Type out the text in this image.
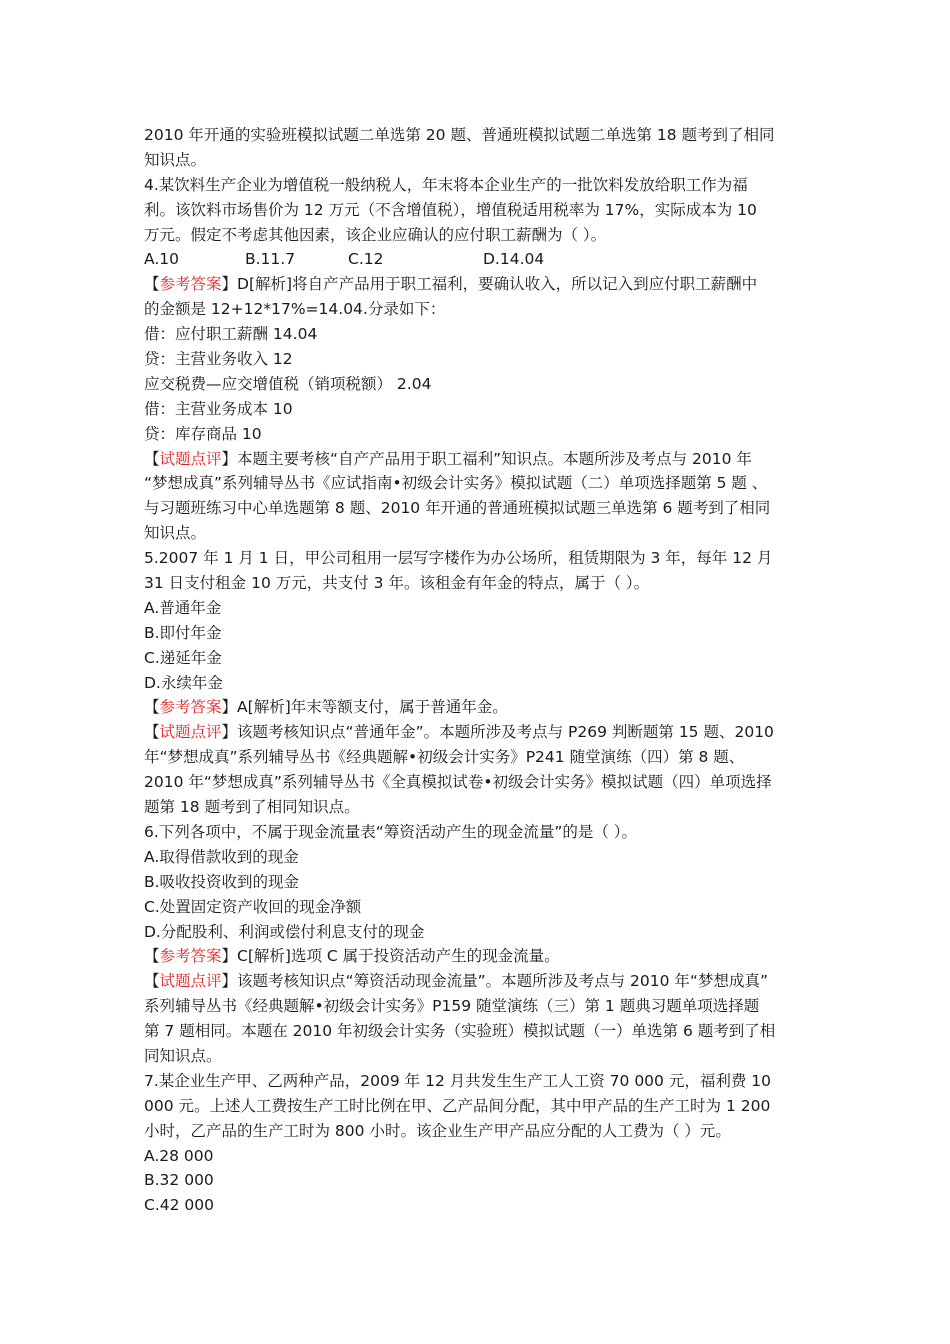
2010 年开通的实验班模拟试题二单选第 20 题、普通班模拟试题二单选第 18 题考到了相同
知识点。
4.某饮料生产企业为增值税一般纳税人，年末将本企业生产的一批饮料发放给职工作为福
利。该饮料市场售价为 12 万元（不含增值税），增值税适用税率为 17%，实际成本为 10
万元。假定不考虑其他因素，该企业应确认的应付职工薪酬为（ ）。
A.10	B.11.7	C.12	D.14.04
【参考答案】D[解析]将自产产品用于职工福利，要确认收入，所以记入到应付职工薪酬中
的金额是 12+12*17%=14.04.分录如下：
借：应付职工薪酬 14.04
贷：主营业务收入 12
应交税费—应交增值税（销项税额） 2.04
借：主营业务成本 10
贷：库存商品 10
【试题点评】本题主要考核“自产产品用于职工福利”知识点。本题所涉及考点与 2010 年
“梦想成真”系列辅导丛书《应试指南•初级会计实务》模拟试题（二）单项选择题第 5 题 、
与习题班练习中心单选题第 8 题、2010 年开通的普通班模拟试题三单选第 6 题考到了相同
知识点。
5.2007 年 1 月 1 日，甲公司租用一层写字楼作为办公场所，租赁期限为 3 年，每年 12 月
31 日支付租金 10 万元，共支付 3 年。该租金有年金的特点，属于（ ）。
A.普通年金
B.即付年金
C.递延年金
D.永续年金
【参考答案】A[解析]年末等额支付，属于普通年金。
【试题点评】该题考核知识点“普通年金”。本题所涉及考点与 P269 判断题第 15 题、2010
年“梦想成真”系列辅导丛书《经典题解•初级会计实务》P241 随堂演练（四）第 8 题、
2010 年“梦想成真”系列辅导丛书《全真模拟试卷•初级会计实务》模拟试题（四）单项选择
题第 18 题考到了相同知识点。
6.下列各项中，不属于现金流量表“筹资活动产生的现金流量”的是（ ）。
A.取得借款收到的现金
B.吸收投资收到的现金
C.处置固定资产收回的现金净额
D.分配股利、利润或偿付利息支付的现金
【参考答案】C[解析]选项 C 属于投资活动产生的现金流量。
【试题点评】该题考核知识点“筹资活动现金流量”。本题所涉及考点与 2010 年“梦想成真”
系列辅导丛书《经典题解•初级会计实务》P159 随堂演练（三）第 1 题典习题单项选择题
第 7 题相同。本题在 2010 年初级会计实务（实验班）模拟试题（一）单选第 6 题考到了相
同知识点。
7.某企业生产甲、乙两种产品，2009 年 12 月共发生生产工人工资 70 000 元，福利费 10
000 元。上述人工费按生产工时比例在甲、乙产品间分配，其中甲产品的生产工时为 1 200
小时，乙产品的生产工时为 800 小时。该企业生产甲产品应分配的人工费为（ ）元。
A.28 000
B.32 000
C.42 000
